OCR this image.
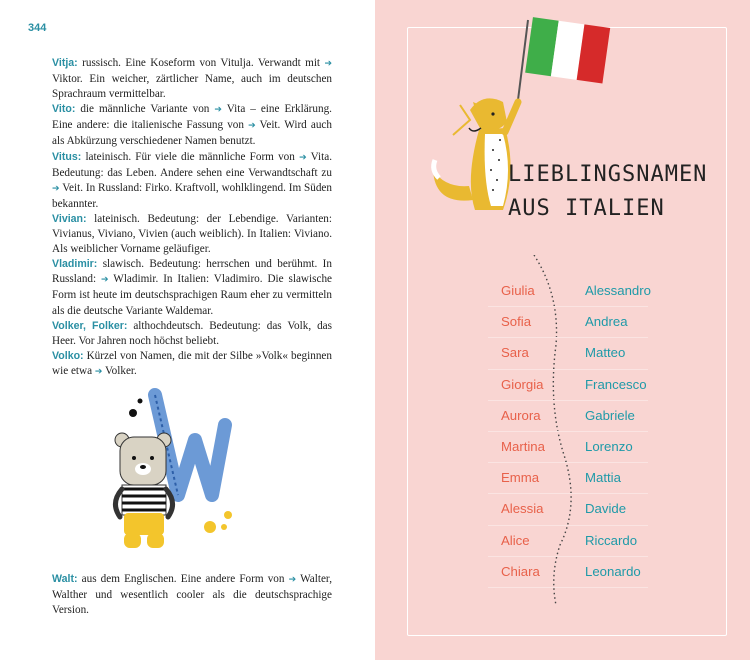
344

Vitja: russisch. Eine Koseform von Vitulja. Verwandt mit ➔ Viktor. Ein weicher, zärtlicher Name, auch im deutschen Sprachraum vermittelbar.

Vito: die männliche Variante von ➔ Vita – eine Erklärung. Eine andere: die italienische Fassung von ➔ Veit. Wird auch als Abkürzung verschiedener Namen benutzt.

Vitus: lateinisch. Für viele die männliche Form von ➔ Vita. Bedeutung: das Leben. Andere sehen eine Verwandtschaft zu ➔ Veit. In Russland: Firko. Kraftvoll, wohlklingend. Im Süden bekannter.

Vivian: lateinisch. Bedeutung: der Lebendige. Varianten: Vivianus, Viviano, Vivien (auch weiblich). In Italien: Viviano. Als weiblicher Vorname geläufiger.

Vladimir: slawisch. Bedeutung: herrschen und berühmt. In Russland: ➔ Wladimir. In Italien: Vladimiro. Die slawische Form ist heute im deutschsprachigen Raum eher zu vermitteln als die deutsche Variante Waldemar.

Volker, Folker: althochdeutsch. Bedeutung: das Volk, das Heer. Vor Jahren noch höchst beliebt.

Volko: Kürzel von Namen, die mit der Silbe »Volk« beginnen wie etwa ➔ Volker.

Walt: aus dem Englischen. Eine andere Form von ➔ Walter, Walther und wesentlich cooler als die deutschsprachige Version.
LIEBLINGSNAMEN
AUS ITALIEN
Giulia	Alessandro
Sofia	Andrea
Sara	Matteo
Giorgia	Francesco
Aurora	Gabriele
Martina	Lorenzo
Emma	Mattia
Alessia	Davide
Alice	Riccardo
Chiara	Leonardo
